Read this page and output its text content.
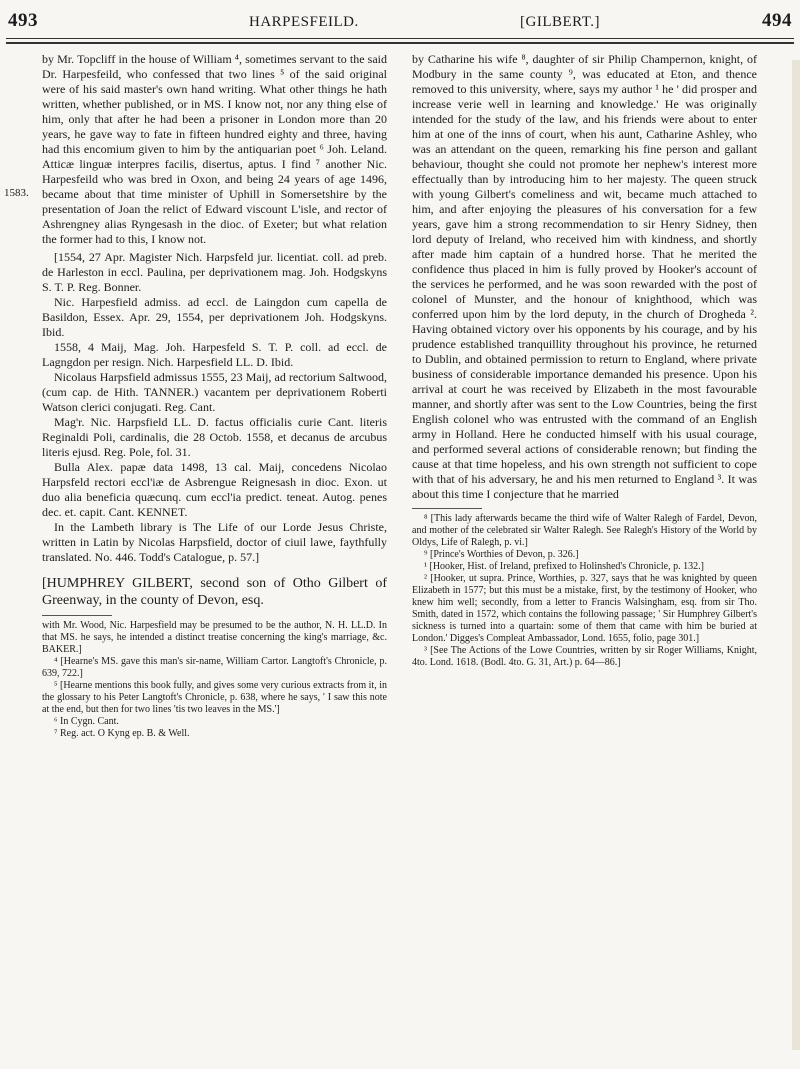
493	HARPESFEILD.	[GILBERT.]	494
1583.

by Mr. Topcliff in the house of William ⁴, sometimes servant to the said Dr. Harpesfeild, who confessed that two lines ⁵ of the said original were of his said master's own hand writing. What other things he hath written, whether published, or in MS. I know not, nor any thing else of him, only that after he had been a prisoner in London more than 20 years, he gave way to fate in fifteen hundred eighty and three, having had this encomium given to him by the antiquarian poet ⁶ Joh. Leland. Atticæ linguæ interpres facilis, disertus, aptus. I find ⁷ another Nic. Harpesfeild who was bred in Oxon, and being 24 years of age 1496, became about that time minister of Uphill in Somersetshire by the presentation of Joan the relict of Edward viscount L'isle, and rector of Ashrengney alias Ryngesash in the dioc. of Exeter; but what relation the former had to this, I know not.

[1554, 27 Apr. Magister Nich. Harpsfeld jur. licentiat. coll. ad preb. de Harleston in eccl. Paulina, per deprivationem mag. Joh. Hodgskyns S. T. P. Reg. Bonner.

Nic. Harpesfield admiss. ad eccl. de Laingdon cum capella de Basildon, Essex. Apr. 29, 1554, per deprivationem Joh. Hodgskyns. Ibid.

1558, 4 Maij, Mag. Joh. Harpesfeld S. T. P. coll. ad eccl. de Lagngdon per resign. Nich. Harpesfield LL. D. Ibid.

Nicolaus Harpsfield admissus 1555, 23 Maij, ad rectorium Saltwood, (cum cap. de Hith. TANNER.) vacantem per deprivationem Roberti Watson clerici conjugati. Reg. Cant.

Mag'r. Nic. Harpsfield LL. D. factus officialis curie Cant. literis Reginaldi Poli, cardinalis, die 28 Octob. 1558, et decanus de arcubus literis ejusd. Reg. Pole, fol. 31.

Bulla Alex. papæ data 1498, 13 cal. Maij, concedens Nicolao Harpsfeld rectori eccl'iæ de Asbrengue Reignesash in dioc. Exon. ut duo alia beneficia quæcunq. cum eccl'ia predict. teneat. Autog. penes dec. et. capit. Cant. KENNET.

In the Lambeth library is The Life of our Lorde Jesus Christe, written in Latin by Nicolas Harpsfield, doctor of ciuil lawe, faythfully translated. No. 446. Todd's Catalogue, p. 57.]

[HUMPHREY GILBERT, second son of Otho Gilbert of Greenway, in the county of Devon, esq.

with Mr. Wood, Nic. Harpesfield may be presumed to be the author, N. H. LL.D. In that MS. he says, he intended a distinct treatise concerning the king's marriage, &c. BAKER.]

⁴ [Hearne's MS. gave this man's sir-name, William Cartor. Langtoft's Chronicle, p. 639, 722.]

⁵ [Hearne mentions this book fully, and gives some very curious extracts from it, in the glossary to his Peter Langtoft's Chronicle, p. 638, where he says, ' I saw this note at the end, but then for two lines 'tis two leaves in the MS.']

⁶ In Cygn. Cant.

⁷ Reg. act. O Kyng ep. B. & Well.

by Catharine his wife ⁸, daughter of sir Philip Champernon, knight, of Modbury in the same county ⁹, was educated at Eton, and thence removed to this university, where, says my author ¹ he ' did prosper and increase verie well in learning and knowledge.' He was originally intended for the study of the law, and his friends were about to enter him at one of the inns of court, when his aunt, Catharine Ashley, who was an attendant on the queen, remarking his fine person and gallant behaviour, thought she could not promote her nephew's interest more effectually than by introducing him to her majesty. The queen struck with young Gilbert's comeliness and wit, became much attached to him, and after enjoying the pleasures of his conversation for a few years, gave him a strong recommendation to sir Henry Sidney, then lord deputy of Ireland, who received him with kindness, and shortly after made him captain of a hundred horse. That he merited the confidence thus placed in him is fully proved by Hooker's account of the services he performed, and he was soon rewarded with the post of colonel of Munster, and the honour of knighthood, which was conferred upon him by the lord deputy, in the church of Drogheda ². Having obtained victory over his opponents by his courage, and by his prudence established tranquillity throughout his province, he returned to Dublin, and obtained permission to return to England, where private business of considerable importance demanded his presence. Upon his arrival at court he was received by Elizabeth in the most favourable manner, and shortly after was sent to the Low Countries, being the first English colonel who was entrusted with the command of an English army in Holland. Here he conducted himself with his usual courage, and performed several actions of considerable renown; but finding the cause at that time hopeless, and his own strength not sufficient to cope with that of his adversary, he and his men returned to England ³. It was about this time I conjecture that he married

⁸ [This lady afterwards became the third wife of Walter Ralegh of Fardel, Devon, and mother of the celebrated sir Walter Ralegh. See Ralegh's History of the World by Oldys, Life of Ralegh, p. vi.]

⁹ [Prince's Worthies of Devon, p. 326.]

¹ [Hooker, Hist. of Ireland, prefixed to Holinshed's Chronicle, p. 132.]

² [Hooker, ut supra. Prince, Worthies, p. 327, says that he was knighted by queen Elizabeth in 1577; but this must be a mistake, first, by the testimony of Hooker, who knew him well; secondly, from a letter to Francis Walsingham, esq. from sir Tho. Smith, dated in 1572, which contains the following passage; ' Sir Humphrey Gilbert's sickness is turned into a quartain: some of them that came with him be buried at London.' Digges's Compleat Ambassador, Lond. 1655, folio, page 301.]

³ [See The Actions of the Lowe Countries, written by sir Roger Williams, Knight, 4to. Lond. 1618. (Bodl. 4to. G. 31, Art.) p. 64—86.]
